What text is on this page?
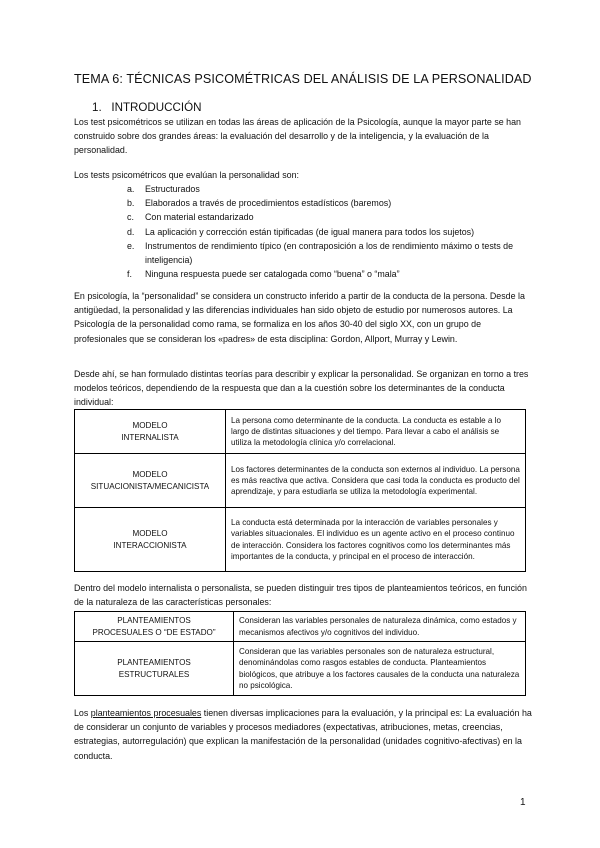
TEMA 6: TÉCNICAS PSICOMÉTRICAS DEL ANÁLISIS DE LA PERSONALIDAD
1. INTRODUCCIÓN

Los test psicométricos se utilizan en todas las áreas de aplicación de la Psicología, aunque la mayor parte se han construido sobre dos grandes áreas: la evaluación del desarrollo y de la inteligencia, y la evaluación de la personalidad.

Los tests psicométricos que evalúan la personalidad son:

a. Estructurados
b. Elaborados a través de procedimientos estadísticos (baremos)
c. Con material estandarizado
d. La aplicación y corrección están tipificadas (de igual manera para todos los sujetos)
e. Instrumentos de rendimiento típico (en contraposición a los de rendimiento máximo o tests de inteligencia)
f. Ninguna respuesta puede ser catalogada como “buena” o “mala”

En psicología, la “personalidad” se considera un constructo inferido a partir de la conducta de la persona. Desde la antigüedad, la personalidad y las diferencias individuales han sido objeto de estudio por numerosos autores. La Psicología de la personalidad como rama, se formaliza en los años 30-40 del siglo XX, con un grupo de profesionales que se consideran los «padres» de esta disciplina: Gordon, Allport, Murray y Lewin.

Desde ahí, se han formulado distintas teorías para describir y explicar la personalidad. Se organizan en torno a tres modelos teóricos, dependiendo de la respuesta que dan a la cuestión sobre los determinantes de la conducta individual:

MODELO
INTERNALISTA	La persona como determinante de la conducta. La conducta es estable a lo largo de distintas situaciones y del tiempo. Para llevar a cabo el análisis se utiliza la metodología clínica y/o correlacional.
MODELO
SITUACIONISTA/MECANICISTA	Los factores determinantes de la conducta son externos al individuo. La persona es más reactiva que activa. Considera que casi toda la conducta es producto del aprendizaje, y para estudiarla se utiliza la metodología experimental.
MODELO
INTERACCIONISTA	La conducta está determinada por la interacción de variables personales y variables situacionales. El individuo es un agente activo en el proceso continuo de interacción. Considera los factores cognitivos como los determinantes más importantes de la conducta, y principal en el proceso de interacción.

Dentro del modelo internalista o personalista, se pueden distinguir tres tipos de planteamientos teóricos, en función de la naturaleza de las características personales:

PLANTEAMIENTOS
PROCESUALES O “DE ESTADO”	Consideran las variables personales de naturaleza dinámica, como estados y mecanismos afectivos y/o cognitivos del individuo.
PLANTEAMIENTOS
ESTRUCTURALES	Consideran que las variables personales son de naturaleza estructural, denominándolas como rasgos estables de conducta. Planteamientos biológicos, que atribuye a los factores causales de la conducta una naturaleza no psicológica.

Los planteamientos procesuales tienen diversas implicaciones para la evaluación, y la principal es: La evaluación ha de considerar un conjunto de variables y procesos mediadores (expectativas, atribuciones, metas, creencias, estrategias, autorregulación) que explican la manifestación de la personalidad (unidades cognitivo-afectivas) en la conducta.

1
